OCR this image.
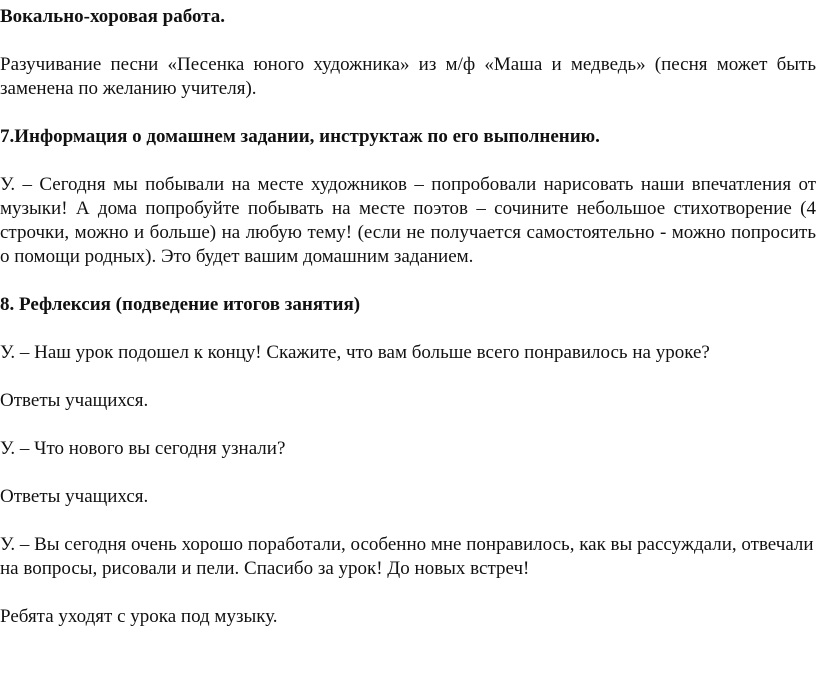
Вокально-хоровая работа.
Разучивание песни «Песенка юного художника» из м/ф «Маша и медведь» (песня может быть заменена по желанию учителя).
7.Информация о домашнем задании, инструктаж по его выполнению.
У. – Сегодня мы побывали на месте художников – попробовали нарисовать наши впечатления от музыки! А дома попробуйте побывать на месте поэтов – сочините небольшое стихотворение (4 строчки, можно и больше) на любую тему! (если не получается самостоятельно - можно попросить о помощи родных). Это будет вашим домашним заданием.
8. Рефлексия (подведение итогов занятия)
У. – Наш урок подошел к концу! Скажите, что вам больше всего понравилось на уроке?
Ответы учащихся.
У. – Что нового вы сегодня узнали?
Ответы учащихся.
У. – Вы сегодня очень хорошо поработали, особенно мне понравилось, как вы рассуждали, отвечали на вопросы, рисовали и пели. Спасибо за урок! До новых встреч!
Ребята уходят с урока под музыку.
